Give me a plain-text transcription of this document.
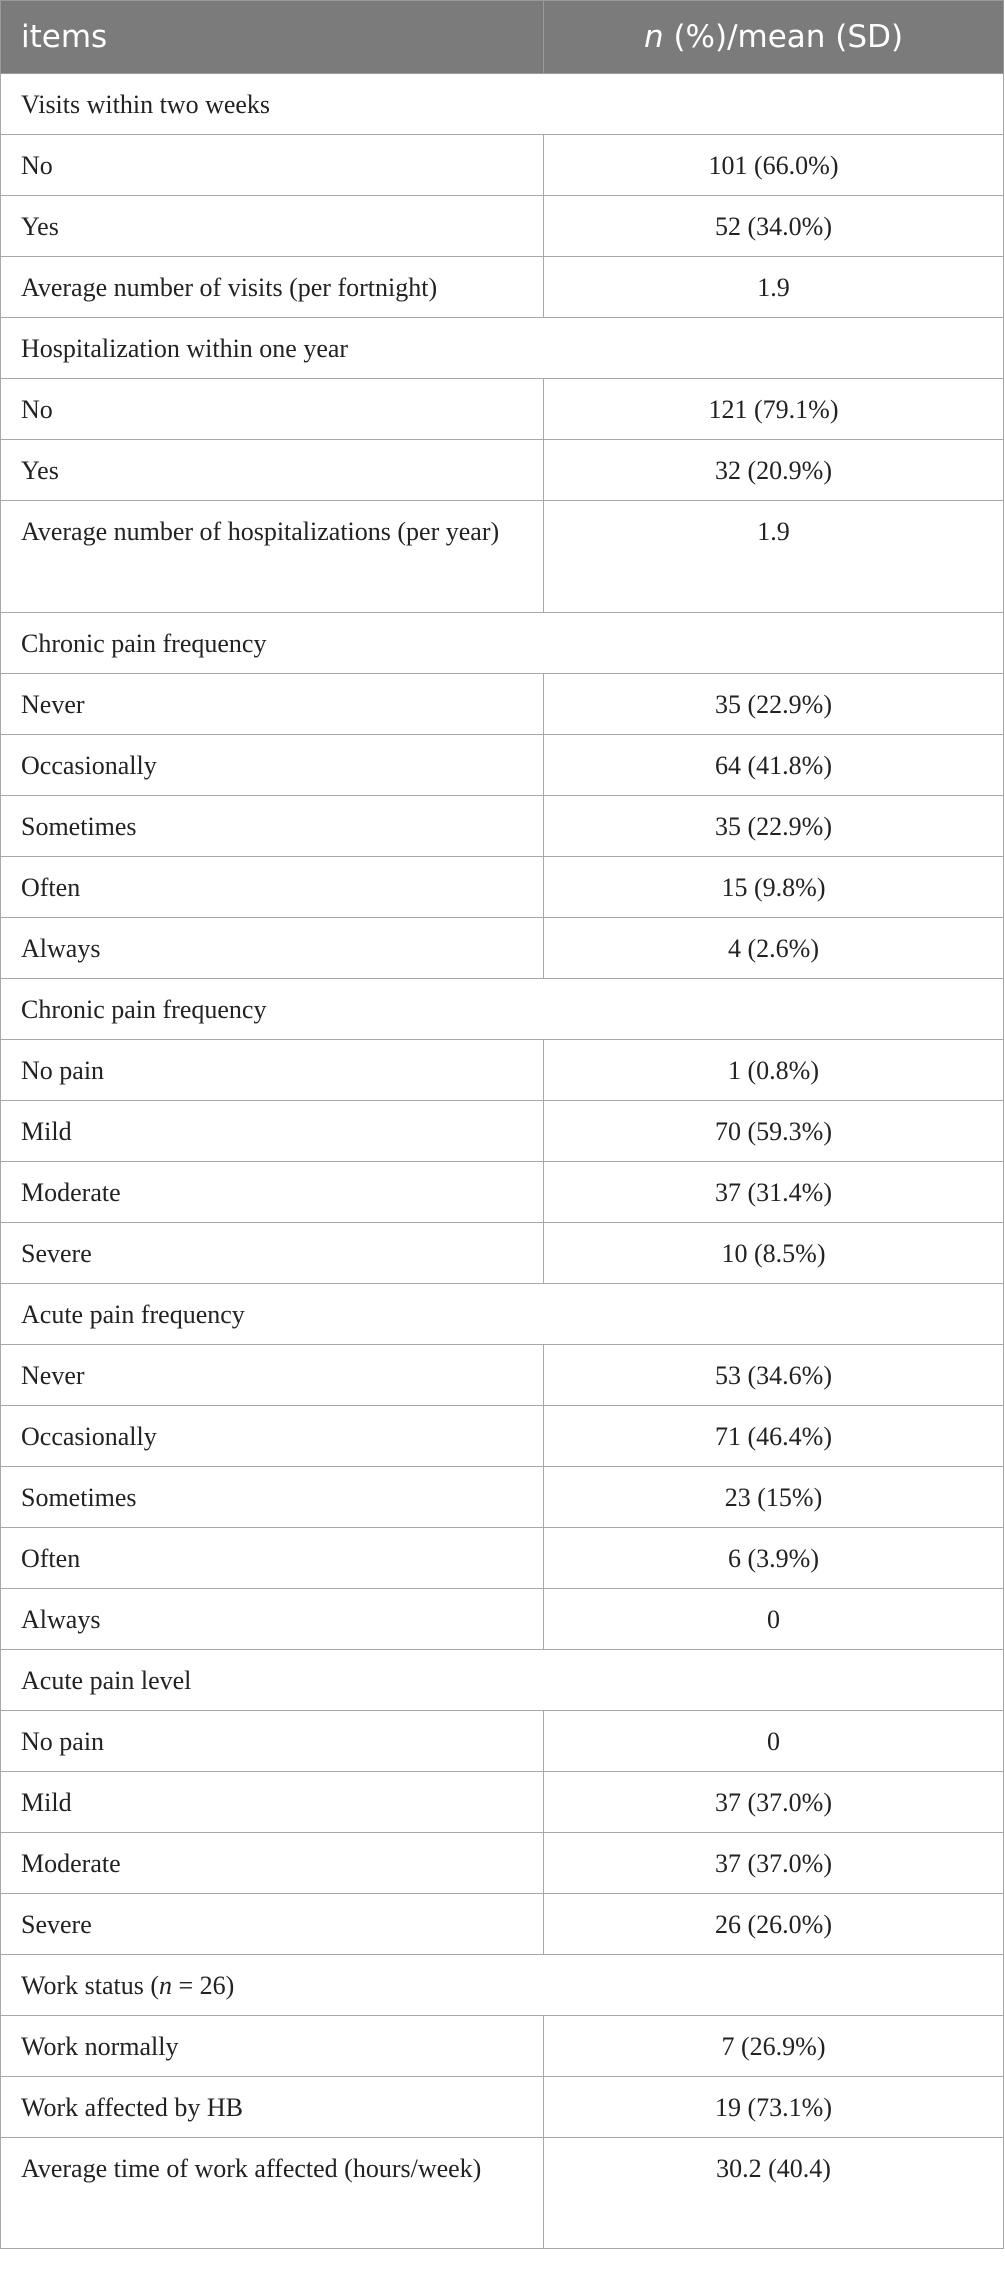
items	n (%)/mean (SD)
Visits within two weeks	
No	101 (66.0%)
Yes	52 (34.0%)
Average number of visits (per fortnight)	1.9
Hospitalization within one year	
No	121 (79.1%)
Yes	32 (20.9%)
Average number of hospitalizations (per year)	1.9
Chronic pain frequency	
Never	35 (22.9%)
Occasionally	64 (41.8%)
Sometimes	35 (22.9%)
Often	15 (9.8%)
Always	4 (2.6%)
Chronic pain frequency	
No pain	1 (0.8%)
Mild	70 (59.3%)
Moderate	37 (31.4%)
Severe	10 (8.5%)
Acute pain frequency	
Never	53 (34.6%)
Occasionally	71 (46.4%)
Sometimes	23 (15%)
Often	6 (3.9%)
Always	0
Acute pain level	
No pain	0
Mild	37 (37.0%)
Moderate	37 (37.0%)
Severe	26 (26.0%)
Work status (n = 26)	
Work normally	7 (26.9%)
Work affected by HB	19 (73.1%)
Average time of work affected (hours/week)	30.2 (40.4)
